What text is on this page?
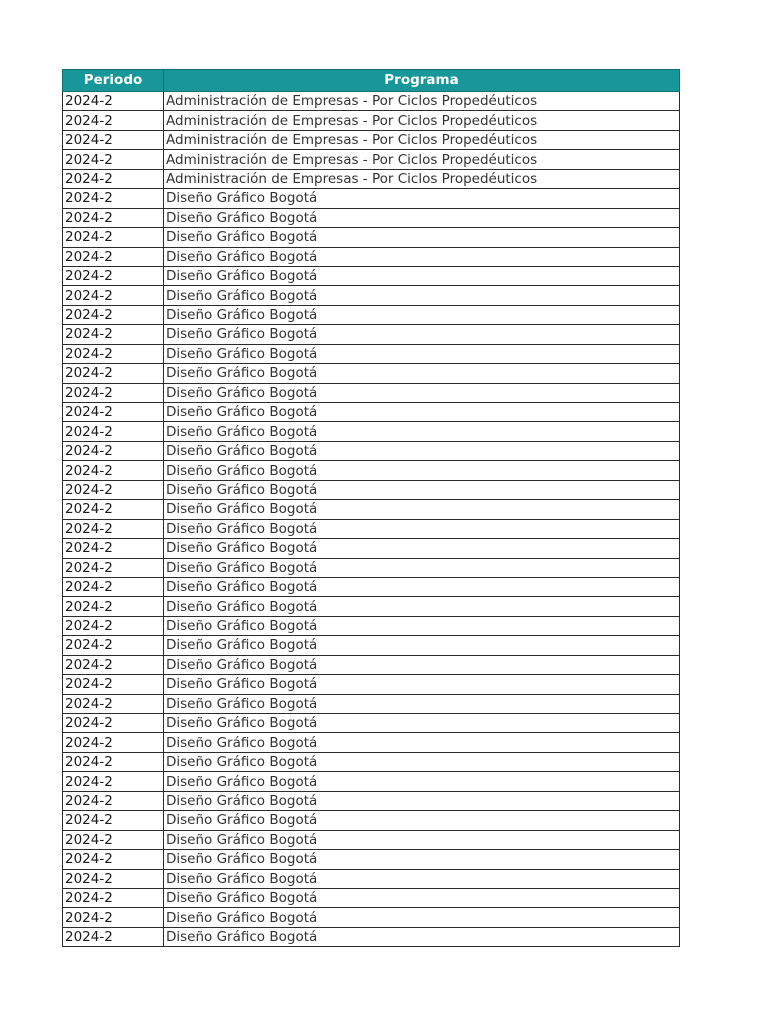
Periodo	Programa
2024-2	Administración de Empresas - Por Ciclos Propedéuticos
2024-2	Administración de Empresas - Por Ciclos Propedéuticos
2024-2	Administración de Empresas - Por Ciclos Propedéuticos
2024-2	Administración de Empresas - Por Ciclos Propedéuticos
2024-2	Administración de Empresas - Por Ciclos Propedéuticos
2024-2	Diseño Gráfico Bogotá
2024-2	Diseño Gráfico Bogotá
2024-2	Diseño Gráfico Bogotá
2024-2	Diseño Gráfico Bogotá
2024-2	Diseño Gráfico Bogotá
2024-2	Diseño Gráfico Bogotá
2024-2	Diseño Gráfico Bogotá
2024-2	Diseño Gráfico Bogotá
2024-2	Diseño Gráfico Bogotá
2024-2	Diseño Gráfico Bogotá
2024-2	Diseño Gráfico Bogotá
2024-2	Diseño Gráfico Bogotá
2024-2	Diseño Gráfico Bogotá
2024-2	Diseño Gráfico Bogotá
2024-2	Diseño Gráfico Bogotá
2024-2	Diseño Gráfico Bogotá
2024-2	Diseño Gráfico Bogotá
2024-2	Diseño Gráfico Bogotá
2024-2	Diseño Gráfico Bogotá
2024-2	Diseño Gráfico Bogotá
2024-2	Diseño Gráfico Bogotá
2024-2	Diseño Gráfico Bogotá
2024-2	Diseño Gráfico Bogotá
2024-2	Diseño Gráfico Bogotá
2024-2	Diseño Gráfico Bogotá
2024-2	Diseño Gráfico Bogotá
2024-2	Diseño Gráfico Bogotá
2024-2	Diseño Gráfico Bogotá
2024-2	Diseño Gráfico Bogotá
2024-2	Diseño Gráfico Bogotá
2024-2	Diseño Gráfico Bogotá
2024-2	Diseño Gráfico Bogotá
2024-2	Diseño Gráfico Bogotá
2024-2	Diseño Gráfico Bogotá
2024-2	Diseño Gráfico Bogotá
2024-2	Diseño Gráfico Bogotá
2024-2	Diseño Gráfico Bogotá
2024-2	Diseño Gráfico Bogotá
2024-2	Diseño Gráfico Bogotá
